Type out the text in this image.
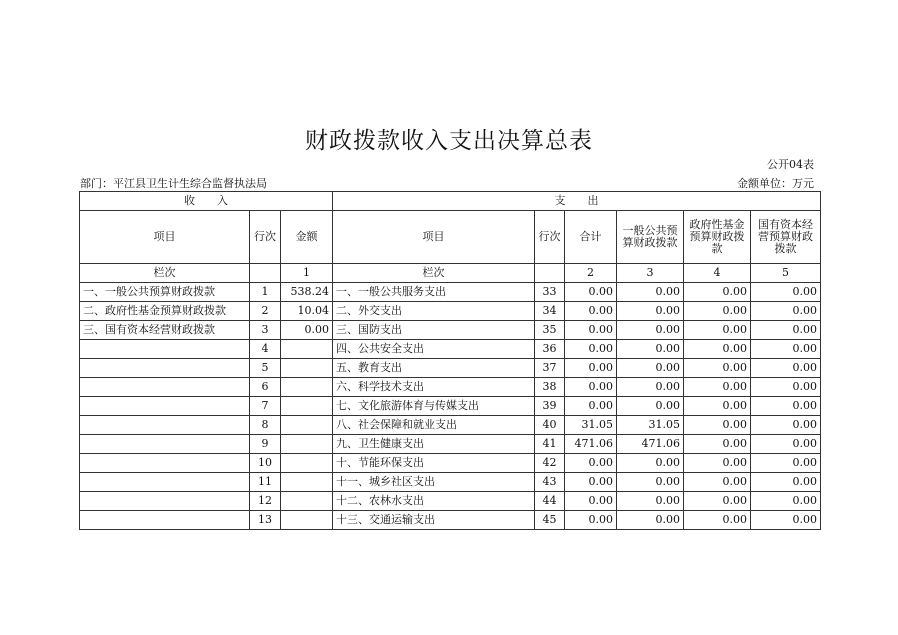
财政拨款收入支出决算总表
公开04表
部门：平江县卫生计生综合监督执法局	金额单位：万元
收　　入			支　　出					
项目	行次	金额	项目	行次	合计	一般公共预算财政拨款	政府性基金预算财政拨款	国有资本经营预算财政拨款
栏次		1	栏次		2	3	4	5
一、一般公共预算财政拨款	1	538.24	一、一般公共服务支出	33	0.00	0.00	0.00	0.00
二、政府性基金预算财政拨款	2	10.04	二、外交支出	34	0.00	0.00	0.00	0.00
三、国有资本经营财政拨款	3	0.00	三、国防支出	35	0.00	0.00	0.00	0.00
	4		四、公共安全支出	36	0.00	0.00	0.00	0.00
	5		五、教育支出	37	0.00	0.00	0.00	0.00
	6		六、科学技术支出	38	0.00	0.00	0.00	0.00
	7		七、文化旅游体育与传媒支出	39	0.00	0.00	0.00	0.00
	8		八、社会保障和就业支出	40	31.05	31.05	0.00	0.00
	9		九、卫生健康支出	41	471.06	471.06	0.00	0.00
	10		十、节能环保支出	42	0.00	0.00	0.00	0.00
	11		十一、城乡社区支出	43	0.00	0.00	0.00	0.00
	12		十二、农林水支出	44	0.00	0.00	0.00	0.00
	13		十三、交通运输支出	45	0.00	0.00	0.00	0.00
